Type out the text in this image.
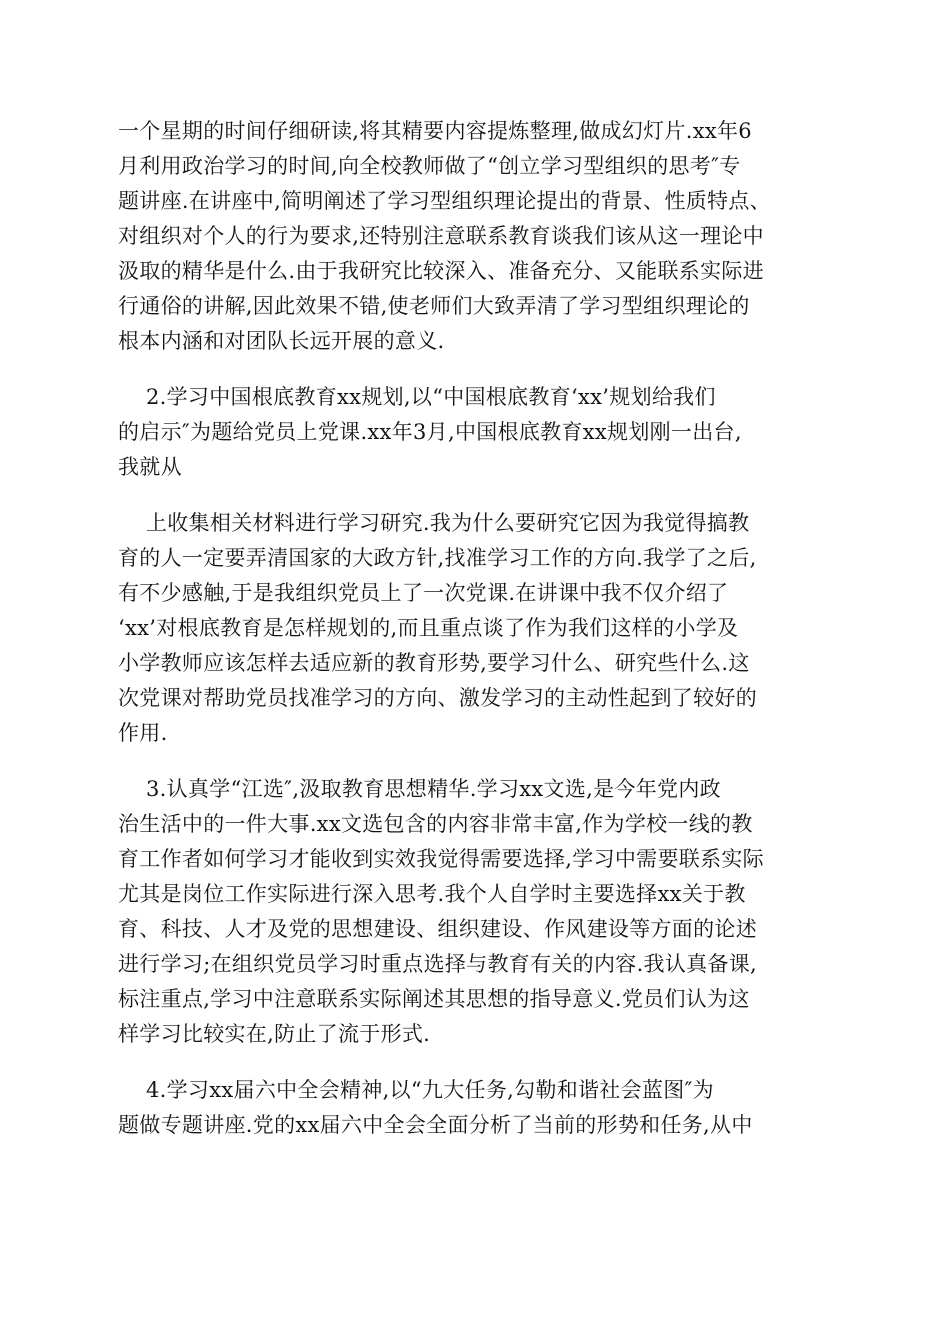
一个星期的时间仔细研读,将其精要内容提炼整理,做成幻灯片.xx年6

月利用政治学习的时间,向全校教师做了“创立学习型组织的思考″专

题讲座.在讲座中,简明阐述了学习型组织理论提出的背景、性质特点、

对组织对个人的行为要求,还特别注意联系教育谈我们该从这一理论中

汲取的精华是什么.由于我研究比较深入、准备充分、又能联系实际进

行通俗的讲解,因此效果不错,使老师们大致弄清了学习型组织理论的

根本内涵和对团队长远开展的意义.

2.学习中国根底教育xx规划,以“中国根底教育‘xx’规划给我们

的启示″为题给党员上党课.xx年3月,中国根底教育xx规划刚一出台,

我就从

上收集相关材料进行学习研究.我为什么要研究它因为我觉得搞教

育的人一定要弄清国家的大政方针,找准学习工作的方向.我学了之后,

有不少感触,于是我组织党员上了一次党课.在讲课中我不仅介绍了

‘xx’对根底教育是怎样规划的,而且重点谈了作为我们这样的小学及

小学教师应该怎样去适应新的教育形势,要学习什么、研究些什么.这

次党课对帮助党员找准学习的方向、激发学习的主动性起到了较好的

作用.

3.认真学“江选″,汲取教育思想精华.学习xx文选,是今年党内政

治生活中的一件大事.xx文选包含的内容非常丰富,作为学校一线的教

育工作者如何学习才能收到实效我觉得需要选择,学习中需要联系实际

尤其是岗位工作实际进行深入思考.我个人自学时主要选择xx关于教

育、科技、人才及党的思想建设、组织建设、作风建设等方面的论述

进行学习;在组织党员学习时重点选择与教育有关的内容.我认真备课,

标注重点,学习中注意联系实际阐述其思想的指导意义.党员们认为这

样学习比较实在,防止了流于形式.

4.学习xx届六中全会精神,以“九大任务,勾勒和谐社会蓝图″为

题做专题讲座.党的xx届六中全会全面分析了当前的形势和任务,从中
